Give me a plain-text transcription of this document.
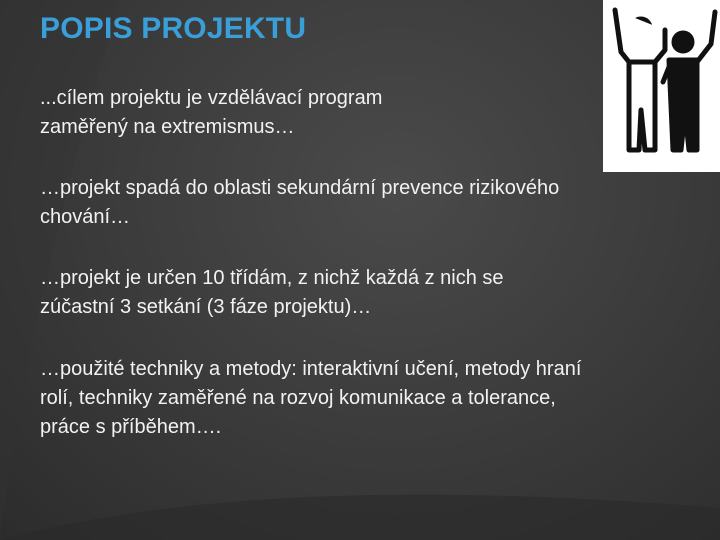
POPIS PROJEKTU

...cílem projektu je vzdělávací program
zaměřený na extremismus…

…projekt spadá do oblasti sekundární prevence rizikového
chování…

…projekt je určen 10 třídám, z nichž každá z nich se
zúčastní 3 setkání (3 fáze projektu)…

…použité techniky a metody: interaktivní učení, metody hraní
rolí, techniky zaměřené na rozvoj komunikace a tolerance,
práce s příběhem….
